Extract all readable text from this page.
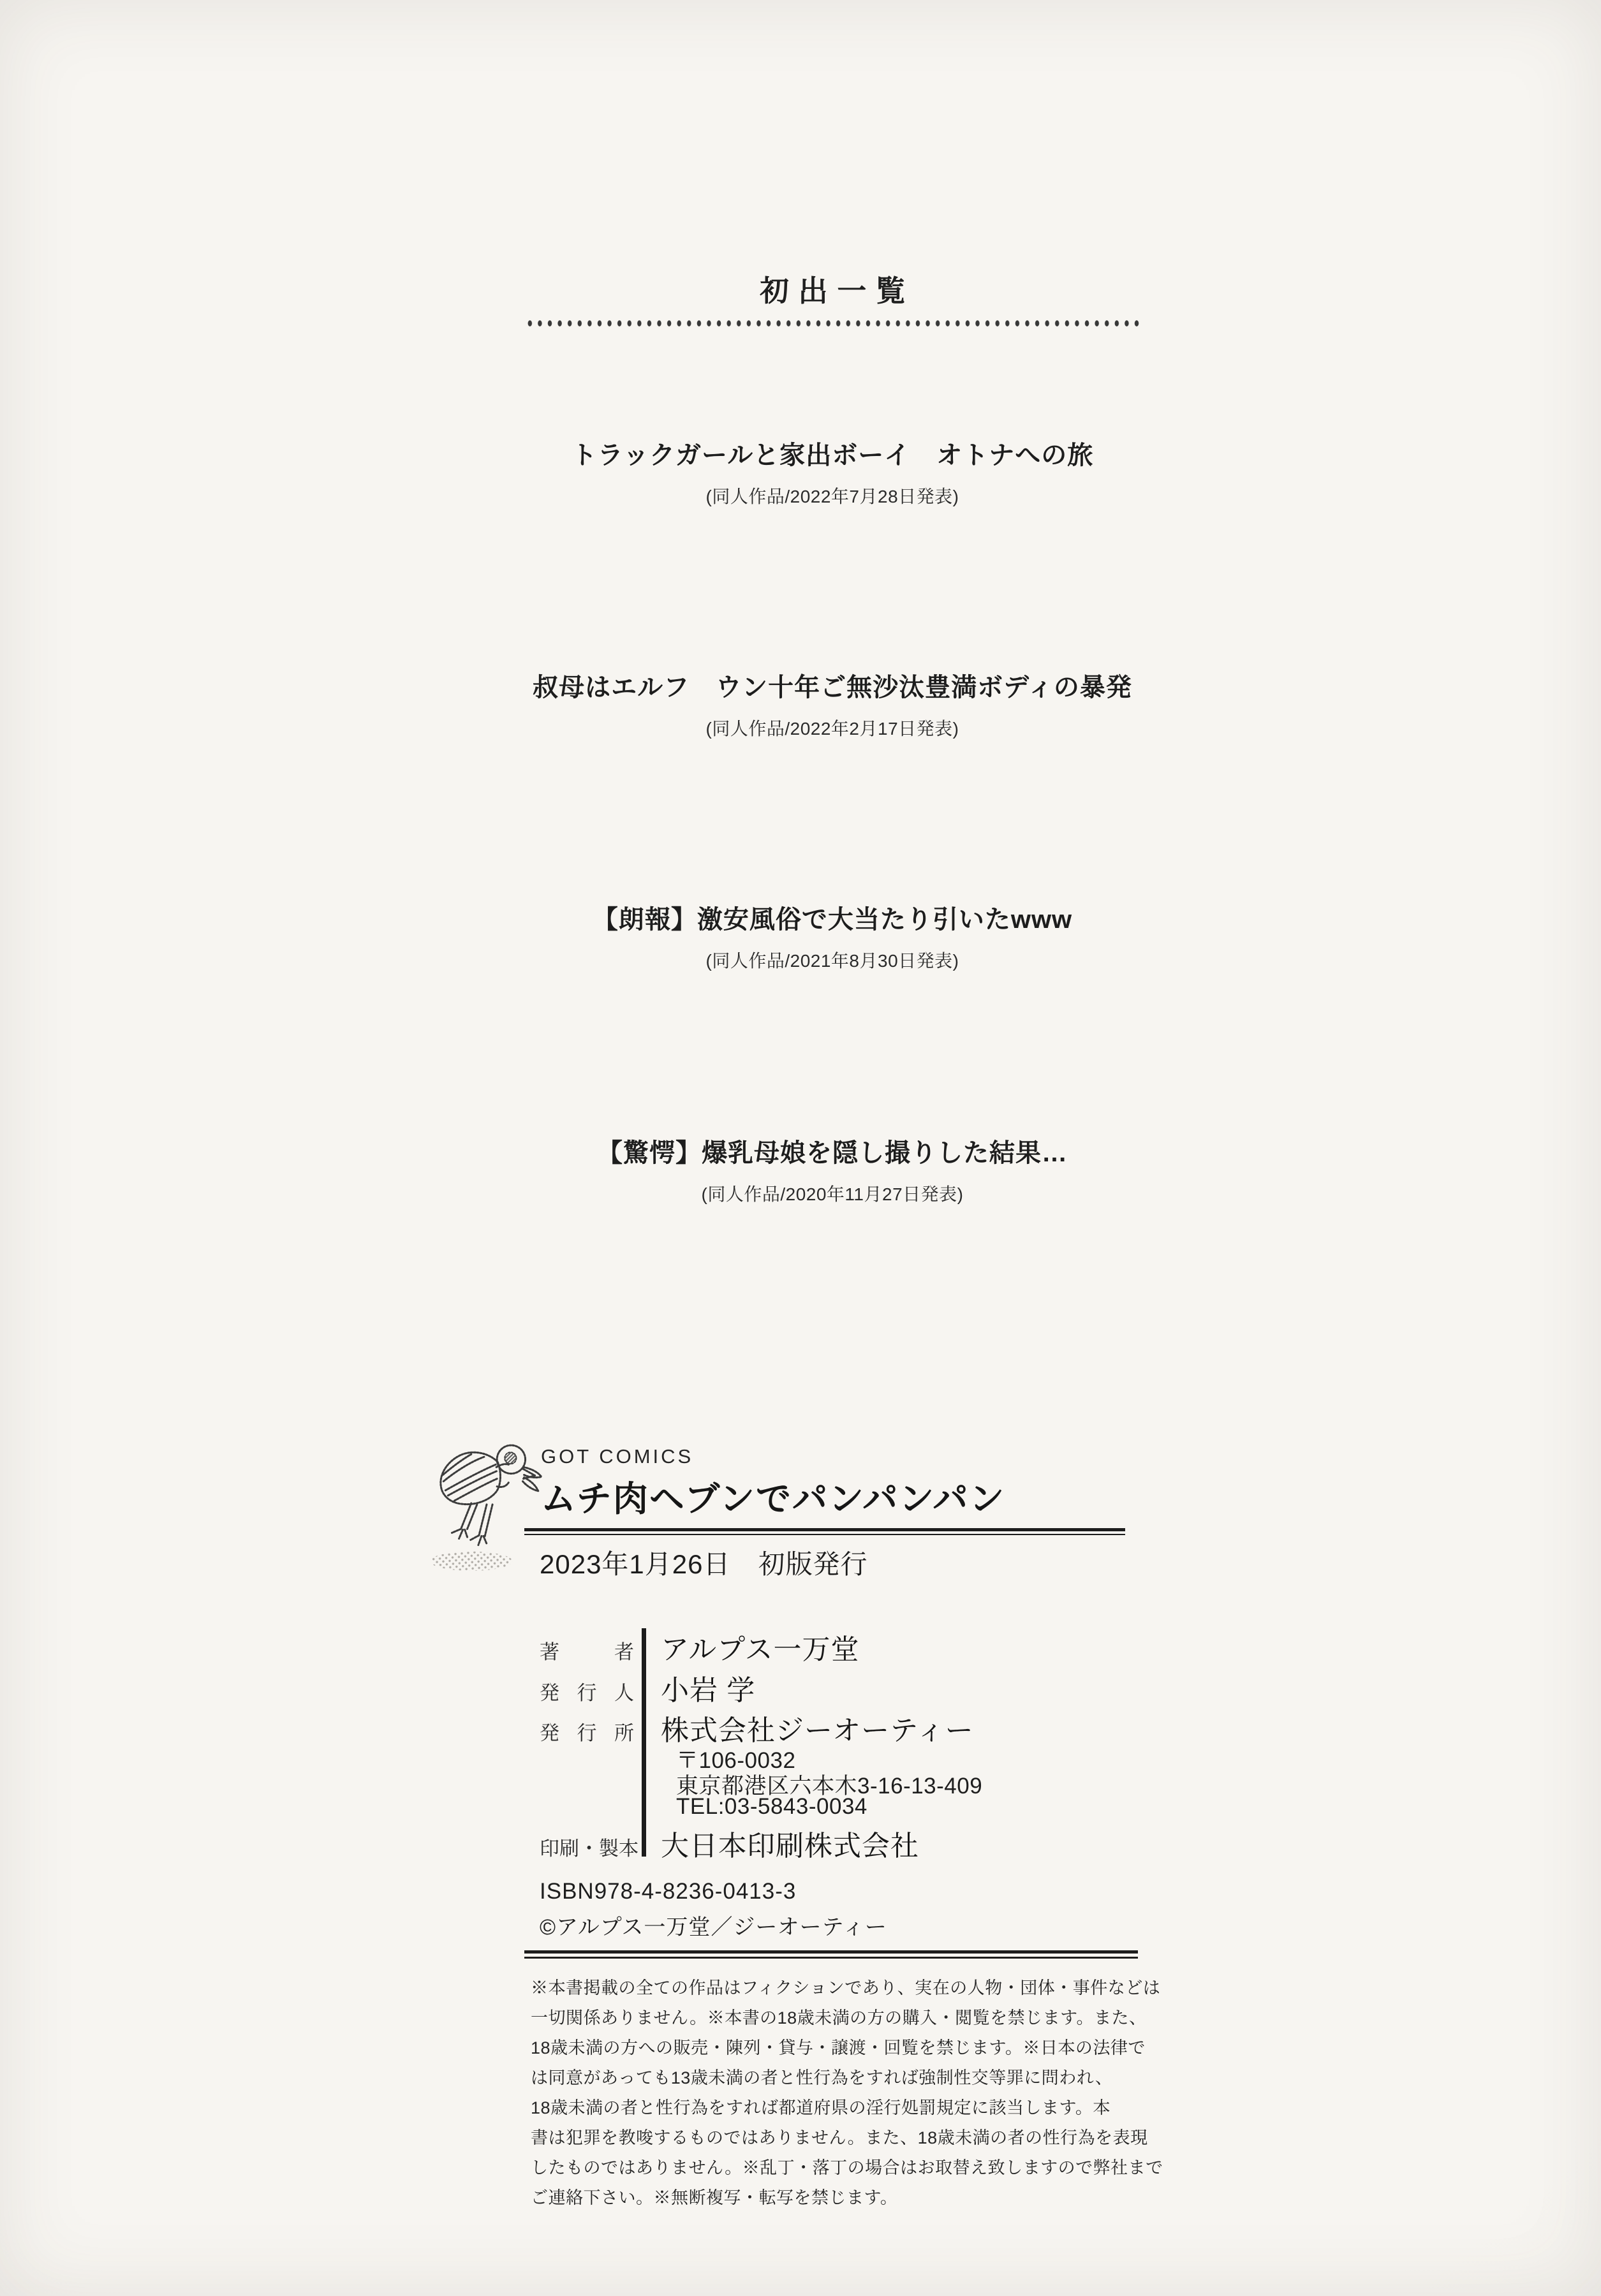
初出一覧
トラックガールと家出ボーイ　オトナへの旅
(同人作品/2022年7月28日発表)
叔母はエルフ　ウン十年ご無沙汰豊満ボディの暴発
(同人作品/2022年2月17日発表)
【朗報】激安風俗で大当たり引いたwww
(同人作品/2021年8月30日発表)
【驚愕】爆乳母娘を隠し撮りした結果…
(同人作品/2020年11月27日発表)
GOT COMICS
ムチ肉ヘブンでパンパンパン
2023年1月26日　初版発行
著	者 アルプス一万堂
発 行 人 小岩 学
発 行 所 株式会社ジーオーティー
〒106-0032
東京都港区六本木3-16-13-409
TEL:03-5843-0034
印 刷 ・ 製 本 大日本印刷株式会社
ISBN978-4-8236-0413-3
©アルプス一万堂／ジーオーティー
※本書掲載の全ての作品はフィクションであり、実在の人物・団体・事件などは
一切関係ありません。※本書の18歳未満の方の購入・閲覧を禁じます。また、
18歳未満の方への販売・陳列・貸与・譲渡・回覧を禁じます。※日本の法律で
は同意があっても13歳未満の者と性行為をすれば強制性交等罪に問われ、
18歳未満の者と性行為をすれば都道府県の淫行処罰規定に該当します。本
書は犯罪を教唆するものではありません。また、18歳未満の者の性行為を表現
したものではありません。※乱丁・落丁の場合はお取替え致しますので弊社まで
ご連絡下さい。※無断複写・転写を禁じます。
